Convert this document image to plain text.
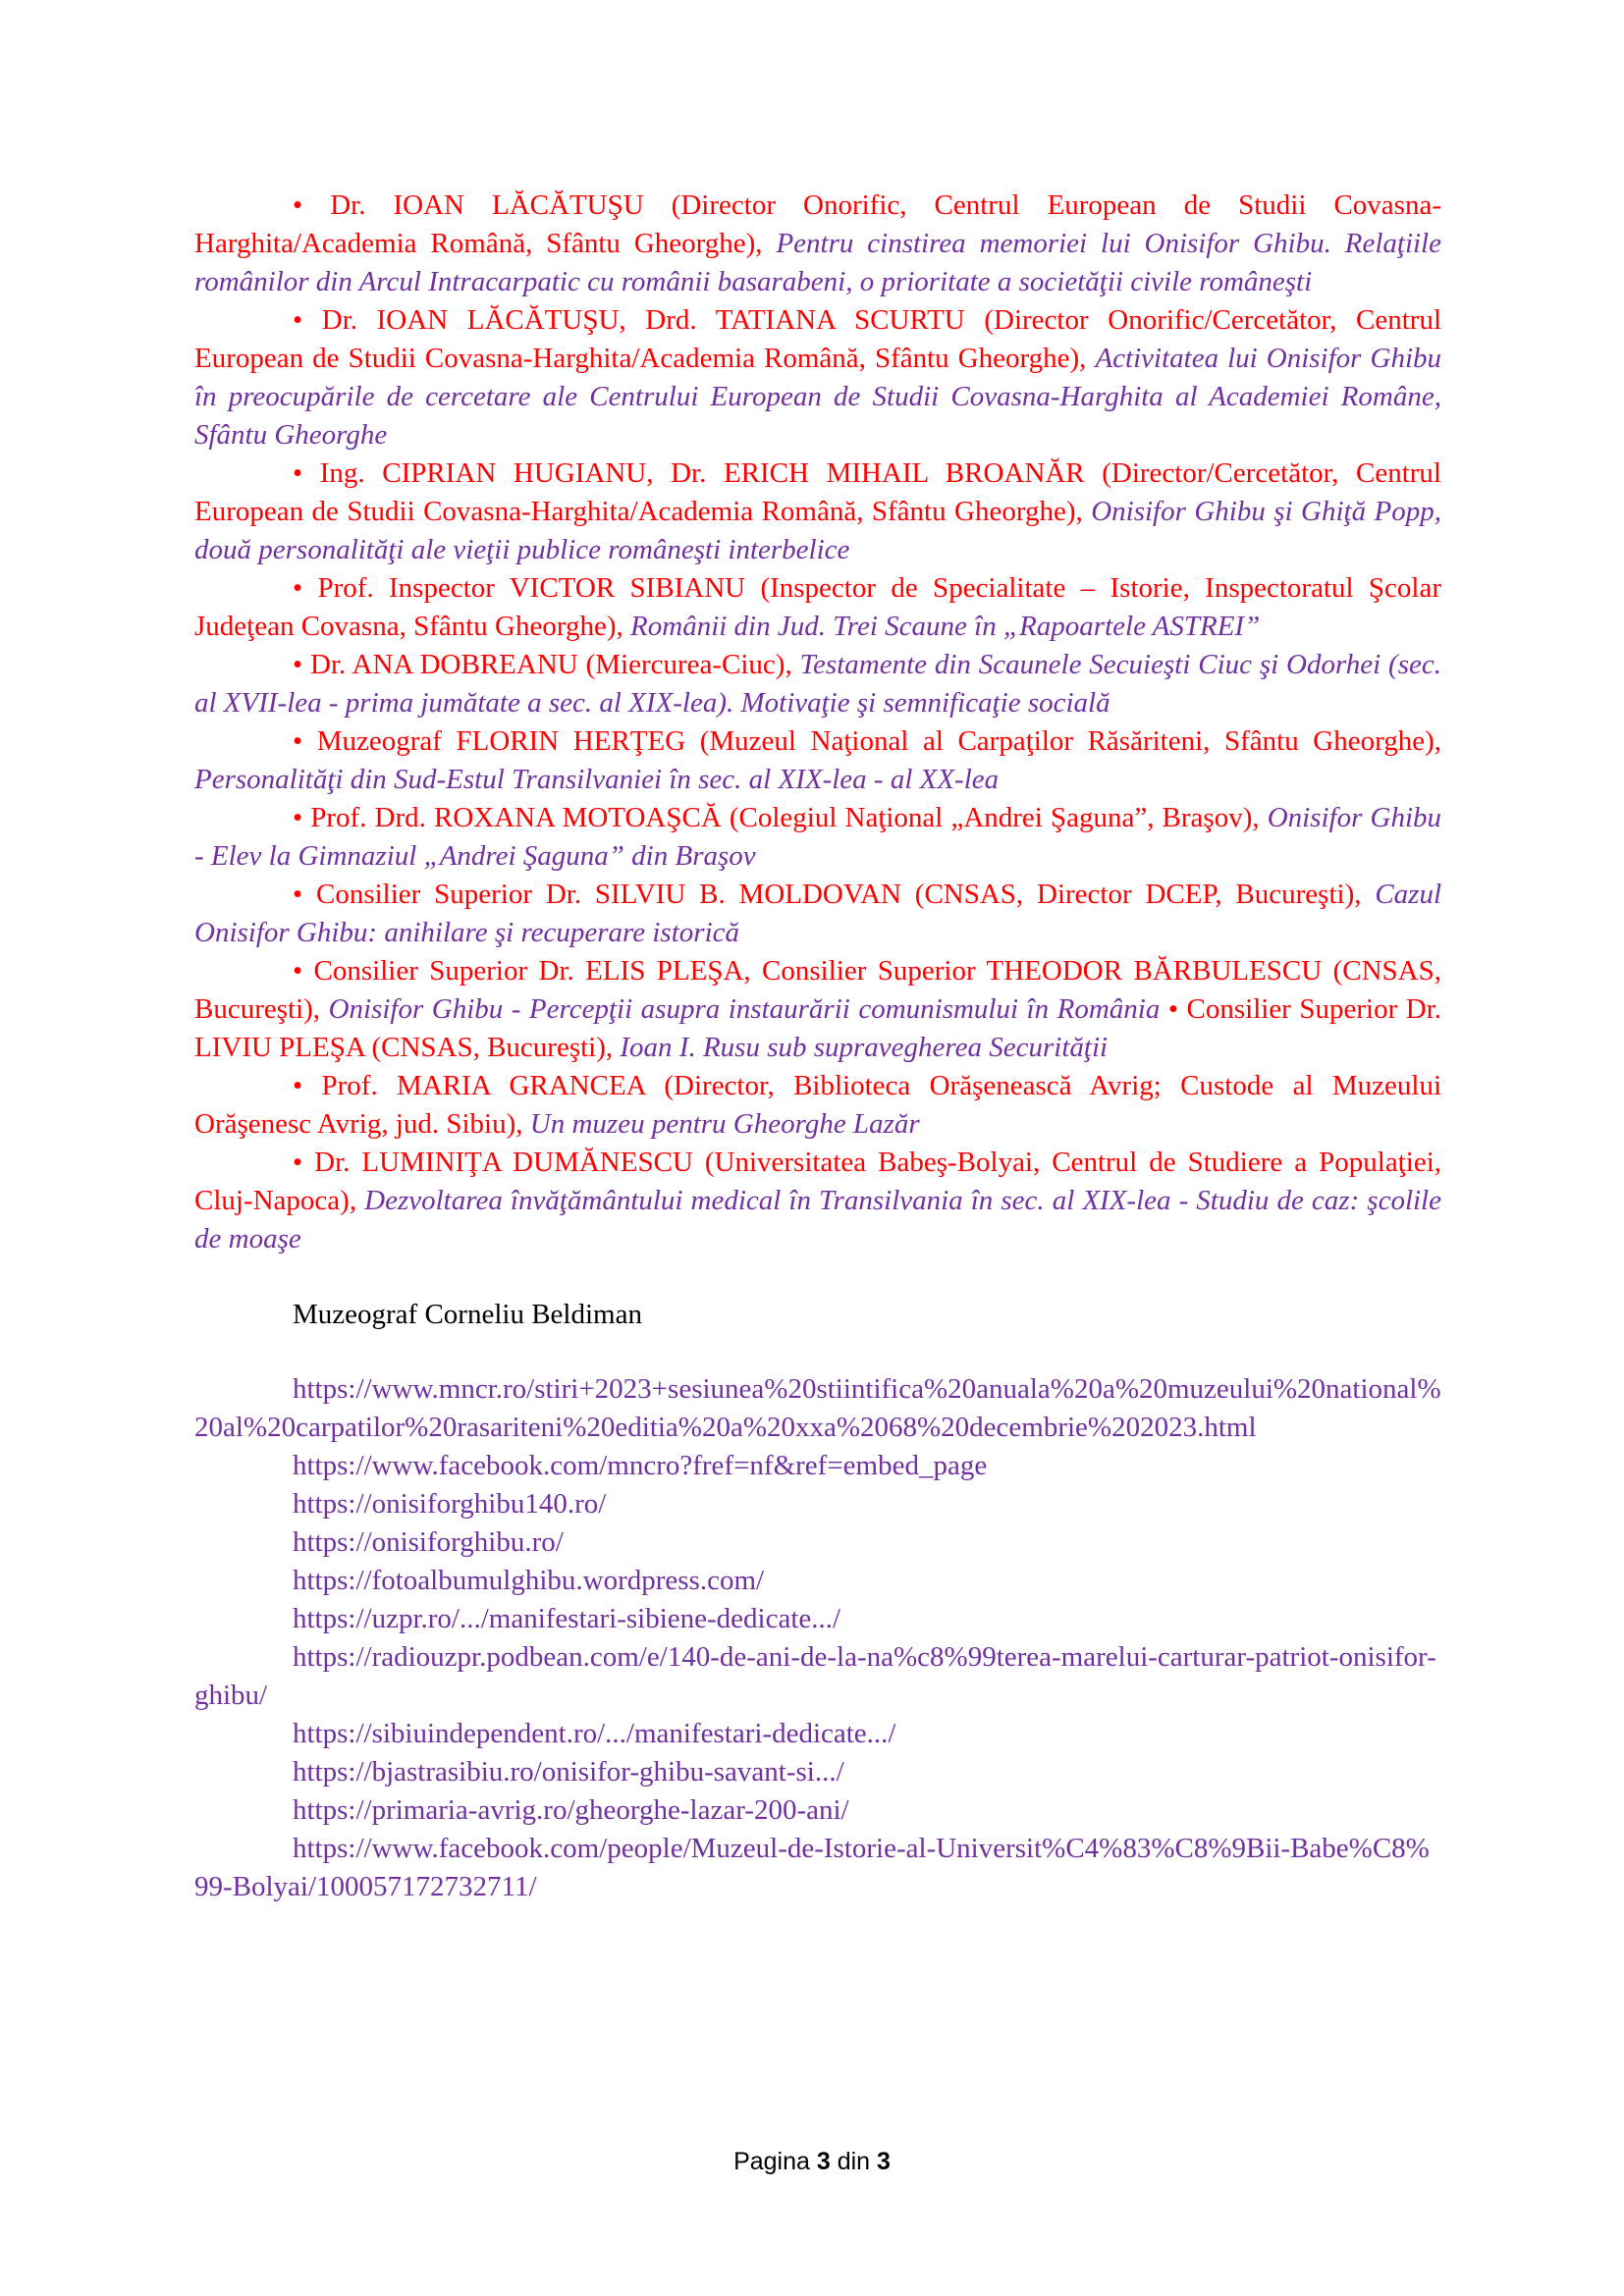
• Dr. IOAN LĂCĂTUŞU (Director Onorific, Centrul European de Studii Covasna-Harghita/Academia Română, Sfântu Gheorghe), Pentru cinstirea memoriei lui Onisifor Ghibu. Relaţiile românilor din Arcul Intracarpatic cu românii basarabeni, o prioritate a societăţii civile româneşti

• Dr. IOAN LĂCĂTUŞU, Drd. TATIANA SCURTU (Director Onorific/Cercetător, Centrul European de Studii Covasna-Harghita/Academia Română, Sfântu Gheorghe), Activitatea lui Onisifor Ghibu în preocupările de cercetare ale Centrului European de Studii Covasna-Harghita al Academiei Române, Sfântu Gheorghe

• Ing. CIPRIAN HUGIANU, Dr. ERICH MIHAIL BROANĂR (Director/Cercetător, Centrul European de Studii Covasna-Harghita/Academia Română, Sfântu Gheorghe), Onisifor Ghibu şi Ghiţă Popp, două personalităţi ale vieţii publice româneşti interbelice

• Prof. Inspector VICTOR SIBIANU (Inspector de Specialitate – Istorie, Inspectoratul Şcolar Judeţean Covasna, Sfântu Gheorghe), Românii din Jud. Trei Scaune în „Rapoartele ASTREI”

• Dr. ANA DOBREANU (Miercurea-Ciuc), Testamente din Scaunele Secuieşti Ciuc şi Odorhei (sec. al XVII-lea - prima jumătate a sec. al XIX-lea). Motivaţie şi semnificaţie socială

• Muzeograf FLORIN HERŢEG (Muzeul Naţional al Carpaţilor Răsăriteni, Sfântu Gheorghe), Personalităţi din Sud-Estul Transilvaniei în sec. al XIX-lea - al XX-lea

• Prof. Drd. ROXANA MOTOAŞCĂ (Colegiul Naţional „Andrei Şaguna”, Braşov), Onisifor Ghibu - Elev la Gimnaziul „Andrei Şaguna” din Braşov

• Consilier Superior Dr. SILVIU B. MOLDOVAN (CNSAS, Director DCEP, Bucureşti), Cazul Onisifor Ghibu: anihilare şi recuperare istorică

• Consilier Superior Dr. ELIS PLEŞA, Consilier Superior THEODOR BĂRBULESCU (CNSAS, Bucureşti), Onisifor Ghibu - Percepţii asupra instaurării comunismului în România • Consilier Superior Dr. LIVIU PLEŞA (CNSAS, Bucureşti), Ioan I. Rusu sub supravegherea Securităţii

• Prof. MARIA GRANCEA (Director, Biblioteca Orăşenească Avrig; Custode al Muzeului Orăşenesc Avrig, jud. Sibiu), Un muzeu pentru Gheorghe Lazăr

• Dr. LUMINIŢA DUMĂNESCU (Universitatea Babeş-Bolyai, Centrul de Studiere a Populaţiei, Cluj-Napoca), Dezvoltarea învăţământului medical în Transilvania în sec. al XIX-lea - Studiu de caz: şcolile de moaşe

Muzeograf Corneliu Beldiman

https://www.mncr.ro/stiri+2023+sesiunea%20stiintifica%20anuala%20a%20muzeului%20national%20al%20carpatilor%20rasariteni%20editia%20a%20xxa%2068%20decembrie%202023.html

https://www.facebook.com/mncro?fref=nf&ref=embed_page

https://onisiforghibu140.ro/

https://onisiforghibu.ro/

https://fotoalbumulghibu.wordpress.com/

https://uzpr.ro/.../manifestari-sibiene-dedicate.../

https://radiouzpr.podbean.com/e/140-de-ani-de-la-na%c8%99terea-marelui-carturar-patriot-onisifor-ghibu/

https://sibiuindependent.ro/.../manifestari-dedicate.../

https://bjastrasibiu.ro/onisifor-ghibu-savant-si.../

https://primaria-avrig.ro/gheorghe-lazar-200-ani/

https://www.facebook.com/people/Muzeul-de-Istorie-al-Universit%C4%83%C8%9Bii-Babe%C8%99-Bolyai/100057172732711/

Pagina 3 din 3
